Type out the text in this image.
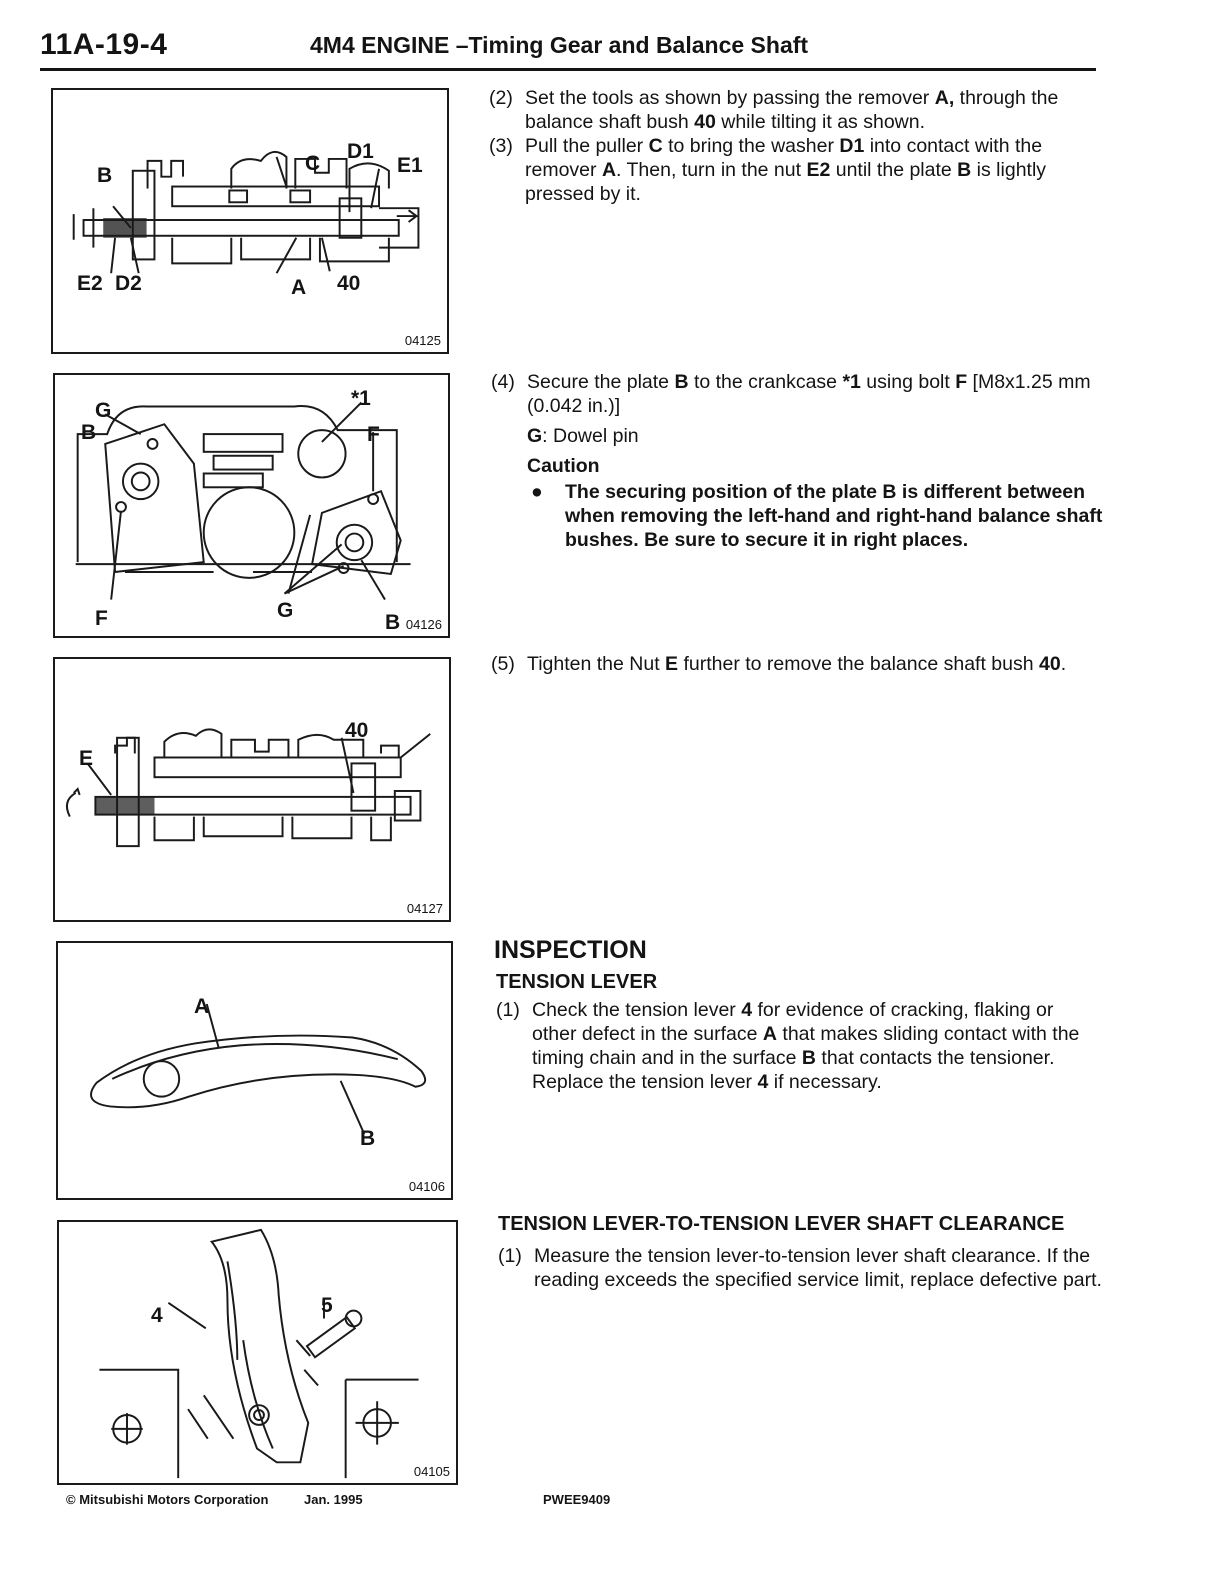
11A-19-4	4M4 ENGINE –Timing Gear and Balance Shaft
B
C
D1
E1
E2 D2	A 40
04125
G
B
*1
F
F	G
B 04126
40
E
04127
A
B
04106
4	5
04105
(2) Set the tools as shown by passing the remover A, through the balance shaft bush 40 while tilting it as shown.
(3) Pull the puller C to bring the washer D1 into contact with the remover A. Then, turn in the nut E2 until the plate B is lightly pressed by it.
(4) Secure the plate B to the crankcase *1 using bolt F [M8x1.25 mm (0.042 in.)]
G: Dowel pin
Caution
● The securing position of the plate B is different between when removing the left-hand and right-hand balance shaft bushes. Be sure to secure it in right places.
(5) Tighten the Nut E further to remove the balance shaft bush 40.
INSPECTION
TENSION LEVER
(1) Check the tension lever 4 for evidence of cracking, flaking or other defect in the surface A that makes sliding contact with the timing chain and in the surface B that contacts the tensioner. Replace the tension lever 4 if necessary.
TENSION LEVER-TO-TENSION LEVER SHAFT CLEARANCE
(1) Measure the tension lever-to-tension lever shaft clearance. If the reading exceeds the specified service limit, replace defective part.
© Mitsubishi Motors Corporation	Jan. 1995	PWEE9409
